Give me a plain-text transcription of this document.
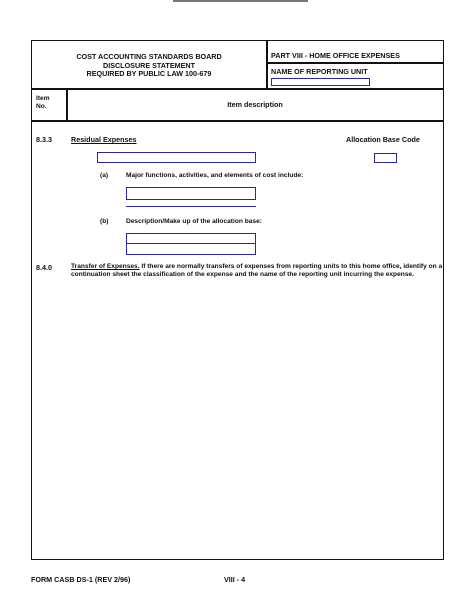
COST ACCOUNTING STANDARDS BOARD
DISCLOSURE STATEMENT
REQUIRED BY PUBLIC LAW 100-679
PART VIII - HOME OFFICE EXPENSES
NAME OF REPORTING UNIT
Item
No.	Item description
8.3.3	Residual Expenses	Allocation Base Code
(a)	Major functions, activities, and elements of cost include:
(b)	Description/Make up of the allocation base:
8.4.0	Transfer of Expenses. If there are normally transfers of expenses from reporting units to this home office, identify on a continuation sheet the classification of the expense and the name of the reporting unit incurring the expense.
FORM CASB DS-1 (REV 2/96)	VIII - 4
